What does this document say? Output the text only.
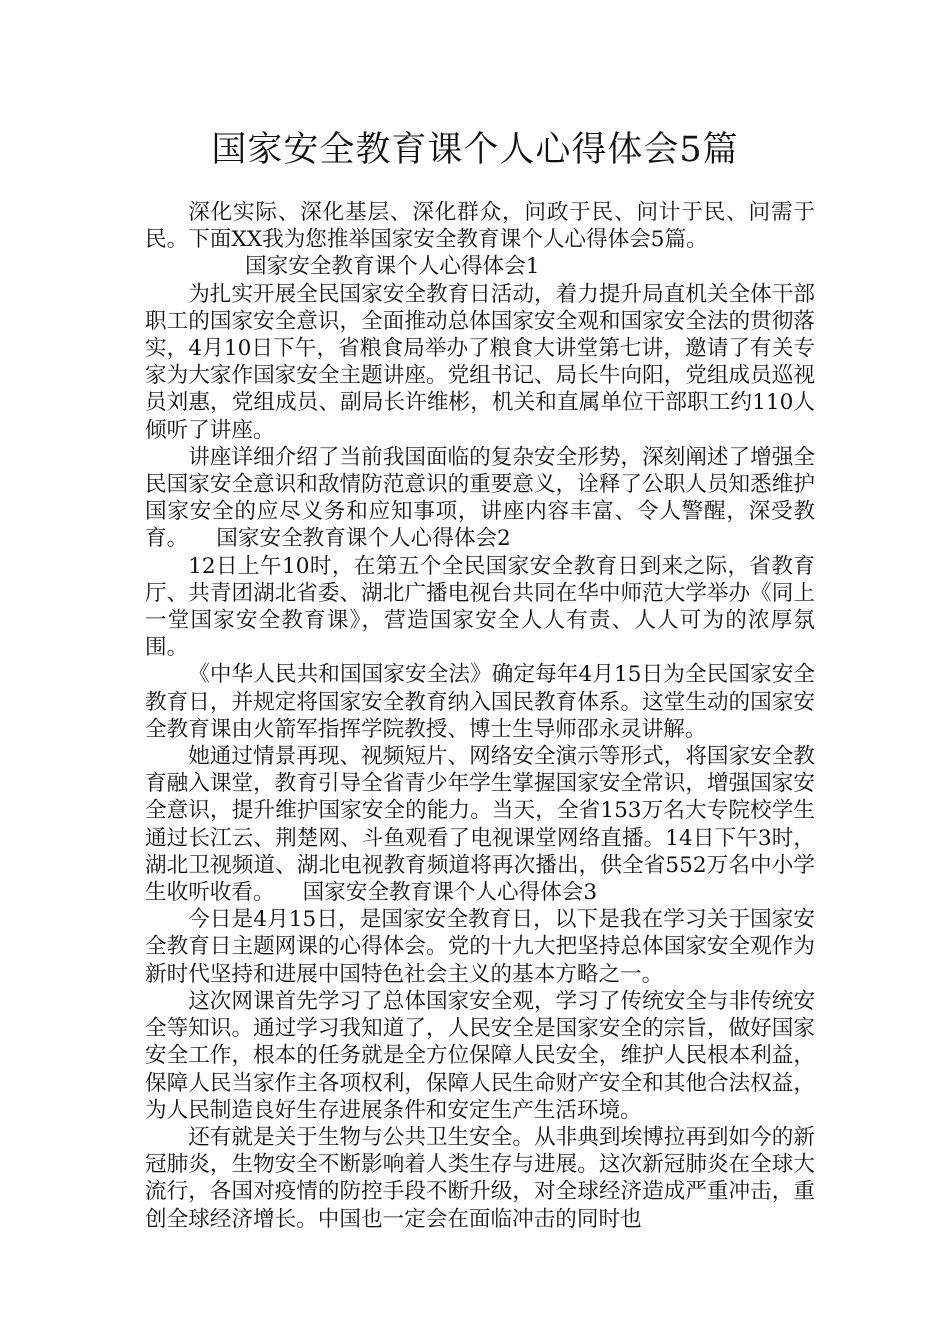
国家安全教育课个人心得体会5篇

深化实际、深化基层、深化群众，问政于民、问计于民、问需于民。下面XX我为您推举国家安全教育课个人心得体会5篇。

国家安全教育课个人心得体会1

为扎实开展全民国家安全教育日活动，着力提升局直机关全体干部职工的国家安全意识，全面推动总体国家安全观和国家安全法的贯彻落实，4月10日下午，省粮食局举办了粮食大讲堂第七讲，邀请了有关专家为大家作国家安全主题讲座。党组书记、局长牛向阳，党组成员巡视员刘惠，党组成员、副局长许维彬，机关和直属单位干部职工约110人倾听了讲座。

讲座详细介绍了当前我国面临的复杂安全形势，深刻阐述了增强全民国家安全意识和敌情防范意识的重要意义，诠释了公职人员知悉维护国家安全的应尽义务和应知事项，讲座内容丰富、令人警醒，深受教育。 国家安全教育课个人心得体会2

12日上午10时，在第五个全民国家安全教育日到来之际，省教育厅、共青团湖北省委、湖北广播电视台共同在华中师范大学举办《同上一堂国家安全教育课》，营造国家安全人人有责、人人可为的浓厚氛围。

《中华人民共和国国家安全法》确定每年4月15日为全民国家安全教育日，并规定将国家安全教育纳入国民教育体系。这堂生动的国家安全教育课由火箭军指挥学院教授、博士生导师邵永灵讲解。

她通过情景再现、视频短片、网络安全演示等形式，将国家安全教育融入课堂，教育引导全省青少年学生掌握国家安全常识，增强国家安全意识，提升维护国家安全的能力。当天，全省153万名大专院校学生通过长江云、荆楚网、斗鱼观看了电视课堂网络直播。14日下午3时，湖北卫视频道、湖北电视教育频道将再次播出，供全省552万名中小学生收听收看。 国家安全教育课个人心得体会3

今日是4月15日，是国家安全教育日，以下是我在学习关于国家安全教育日主题网课的心得体会。党的十九大把坚持总体国家安全观作为新时代坚持和进展中国特色社会主义的基本方略之一。

这次网课首先学习了总体国家安全观，学习了传统安全与非传统安全等知识。通过学习我知道了，人民安全是国家安全的宗旨，做好国家安全工作，根本的任务就是全方位保障人民安全，维护人民根本利益，保障人民当家作主各项权利，保障人民生命财产安全和其他合法权益，为人民制造良好生存进展条件和安定生产生活环境。

还有就是关于生物与公共卫生安全。从非典到埃博拉再到如今的新冠肺炎，生物安全不断影响着人类生存与进展。这次新冠肺炎在全球大流行，各国对疫情的防控手段不断升级，对全球经济造成严重冲击，重创全球经济增长。中国也一定会在面临冲击的同时也
